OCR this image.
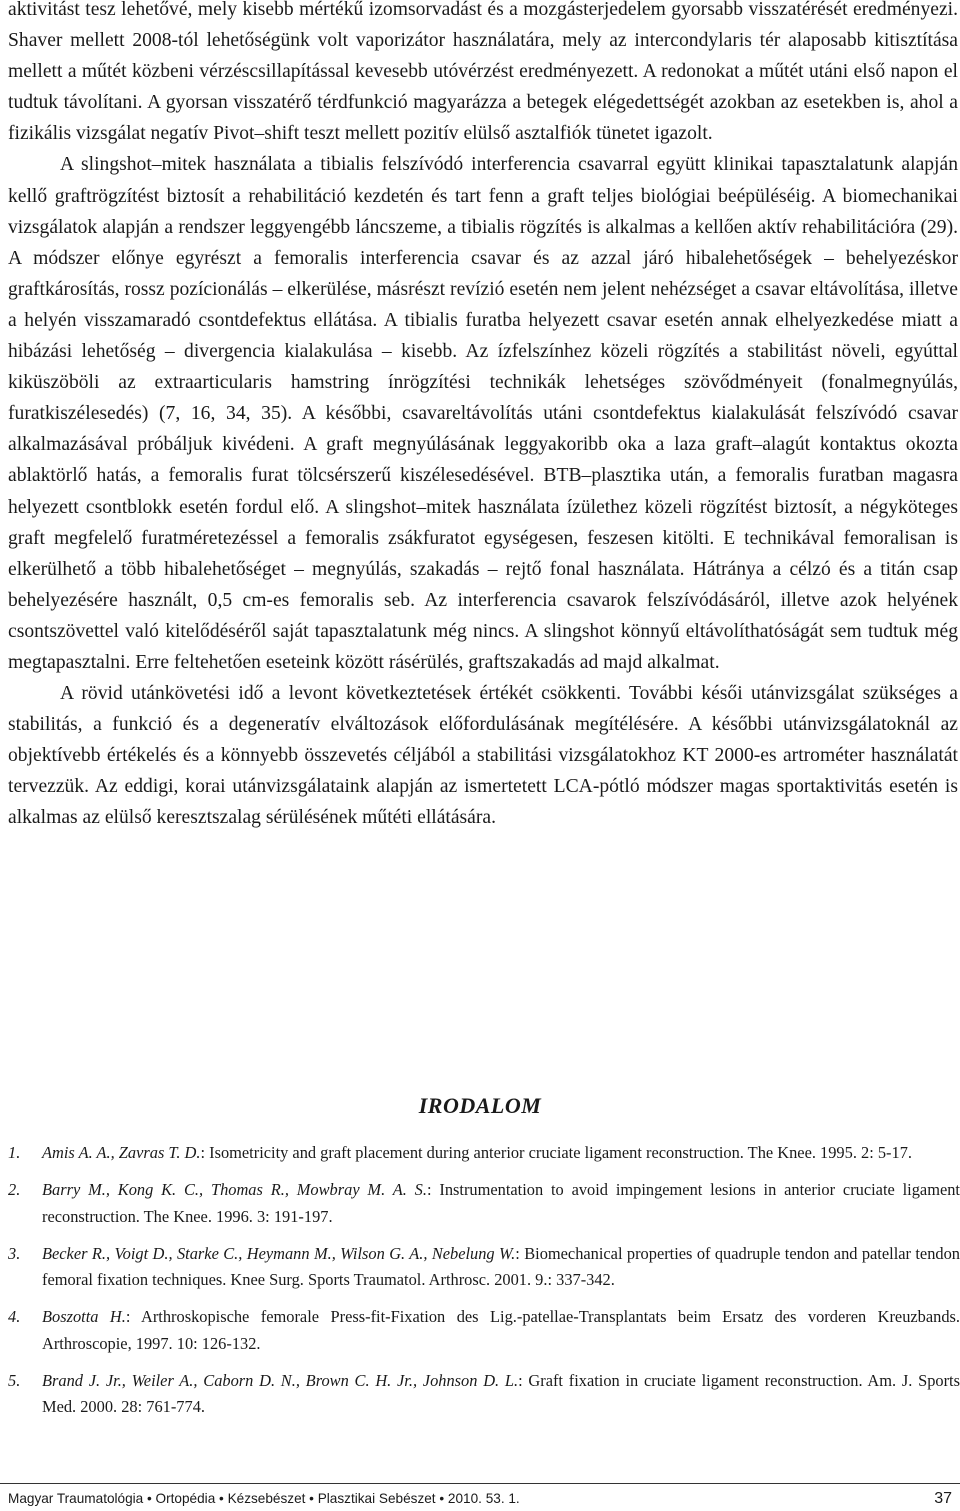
aktivitást tesz lehetővé, mely kisebb mértékű izomsorvadást és a mozgásterjedelem gyorsabb visszatérését eredményezi. Shaver mellett 2008-tól lehetőségünk volt vaporizátor használatára, mely az intercondylaris tér alaposabb kitisztítása mellett a műtét közbeni vérzéscsillapítással kevesebb utóvérzést eredményezett. A redonokat a műtét utáni első napon el tudtuk távolítani. A gyorsan visszatérő térdfunkció magyarázza a betegek elégedettségét azokban az esetekben is, ahol a fizikális vizsgálat negatív Pivot–shift teszt mellett pozitív elülső asztalfiók tünetet igazolt.

A slingshot–mitek használata a tibialis felszívódó interferencia csavarral együtt klinikai tapasztalatunk alapján kellő graftrögzítést biztosít a rehabilitáció kezdetén és tart fenn a graft teljes biológiai beépüléséig. A biomechanikai vizsgálatok alapján a rendszer leggyengébb láncszeme, a tibialis rögzítés is alkalmas a kellően aktív rehabilitációra (29). A módszer előnye egyrészt a femoralis interferencia csavar és az azzal járó hibalehetőségek – behelyezéskor graftkárosítás, rossz pozícionálás – elkerülése, másrészt revízió esetén nem jelent nehézséget a csavar eltávolítása, illetve a helyén visszamaradó csontdefektus ellátása. A tibialis furatba helyezett csavar esetén annak elhelyezkedése miatt a hibázási lehetőség – divergencia kialakulása – kisebb. Az ízfelszínhez közeli rögzítés a stabilitást növeli, egyúttal kiküszöböli az extraarticularis hamstring ínrögzítési technikák lehetséges szövődményeit (fonalmegnyúlás, furatkiszélesedés) (7, 16, 34, 35). A későbbi, csavareltávolítás utáni csontdefektus kialakulását felszívódó csavar alkalmazásával próbáljuk kivédeni. A graft megnyúlásának leggyakoribb oka a laza graft–alagút kontaktus okozta ablaktörlő hatás, a femoralis furat tölcsérszerű kiszélesedésével. BTB–plasztika után, a femoralis furatban magasra helyezett csontblokk esetén fordul elő. A slingshot–mitek használata ízülethez közeli rögzítést biztosít, a négyköteges graft megfelelő furatméretezéssel a femoralis zsákfuratot egységesen, feszesen kitölti. E technikával femoralisan is elkerülhető a több hibalehetőséget – megnyúlás, szakadás – rejtő fonal használata. Hátránya a célzó és a titán csap behelyezésére használt, 0,5 cm-es femoralis seb. Az interferencia csavarok felszívódásáról, illetve azok helyének csontszövettel való kitelődéséről saját tapasztalatunk még nincs. A slingshot könnyű eltávolíthatóságát sem tudtuk még megtapasztalni. Erre feltehetően eseteink között rásérülés, graftszakadás ad majd alkalmat.

A rövid utánkövetési idő a levont következtetések értékét csökkenti. További késői utánvizsgálat szükséges a stabilitás, a funkció és a degeneratív elváltozások előfordulásának megítélésére. A későbbi utánvizsgálatoknál az objektívebb értékelés és a könnyebb összevetés céljából a stabilitási vizsgálatokhoz KT 2000-es artrométer használatát tervezzük. Az eddigi, korai utánvizsgálataink alapján az ismertetett LCA-pótló módszer magas sportaktivitás esetén is alkalmas az elülső keresztszalag sérülésének műtéti ellátására.

IRODALOM
1. Amis A. A., Zavras T. D.: Isometricity and graft placement during anterior cruciate ligament reconstruction. The Knee. 1995. 2: 5-17.
2. Barry M., Kong K. C., Thomas R., Mowbray M. A. S.: Instrumentation to avoid impingement lesions in anterior cruciate ligament reconstruction. The Knee. 1996. 3: 191-197.
3. Becker R., Voigt D., Starke C., Heymann M., Wilson G. A., Nebelung W.: Biomechanical properties of quadruple tendon and patellar tendon femoral fixation techniques. Knee Surg. Sports Traumatol. Arthrosc. 2001. 9.: 337-342.
4. Boszotta H.: Arthroskopische femorale Press-fit-Fixation des Lig.-patellae-Transplantats beim Ersatz des vorderen Kreuzbands. Arthroscopie, 1997. 10: 126-132.
5. Brand J. Jr., Weiler A., Caborn D. N., Brown C. H. Jr., Johnson D. L.: Graft fixation in cruciate ligament reconstruction. Am. J. Sports Med. 2000. 28: 761-774.
Magyar Traumatológia • Ortopédia • Kézsebészet • Plasztikai Sebészet • 2010. 53. 1.	37
